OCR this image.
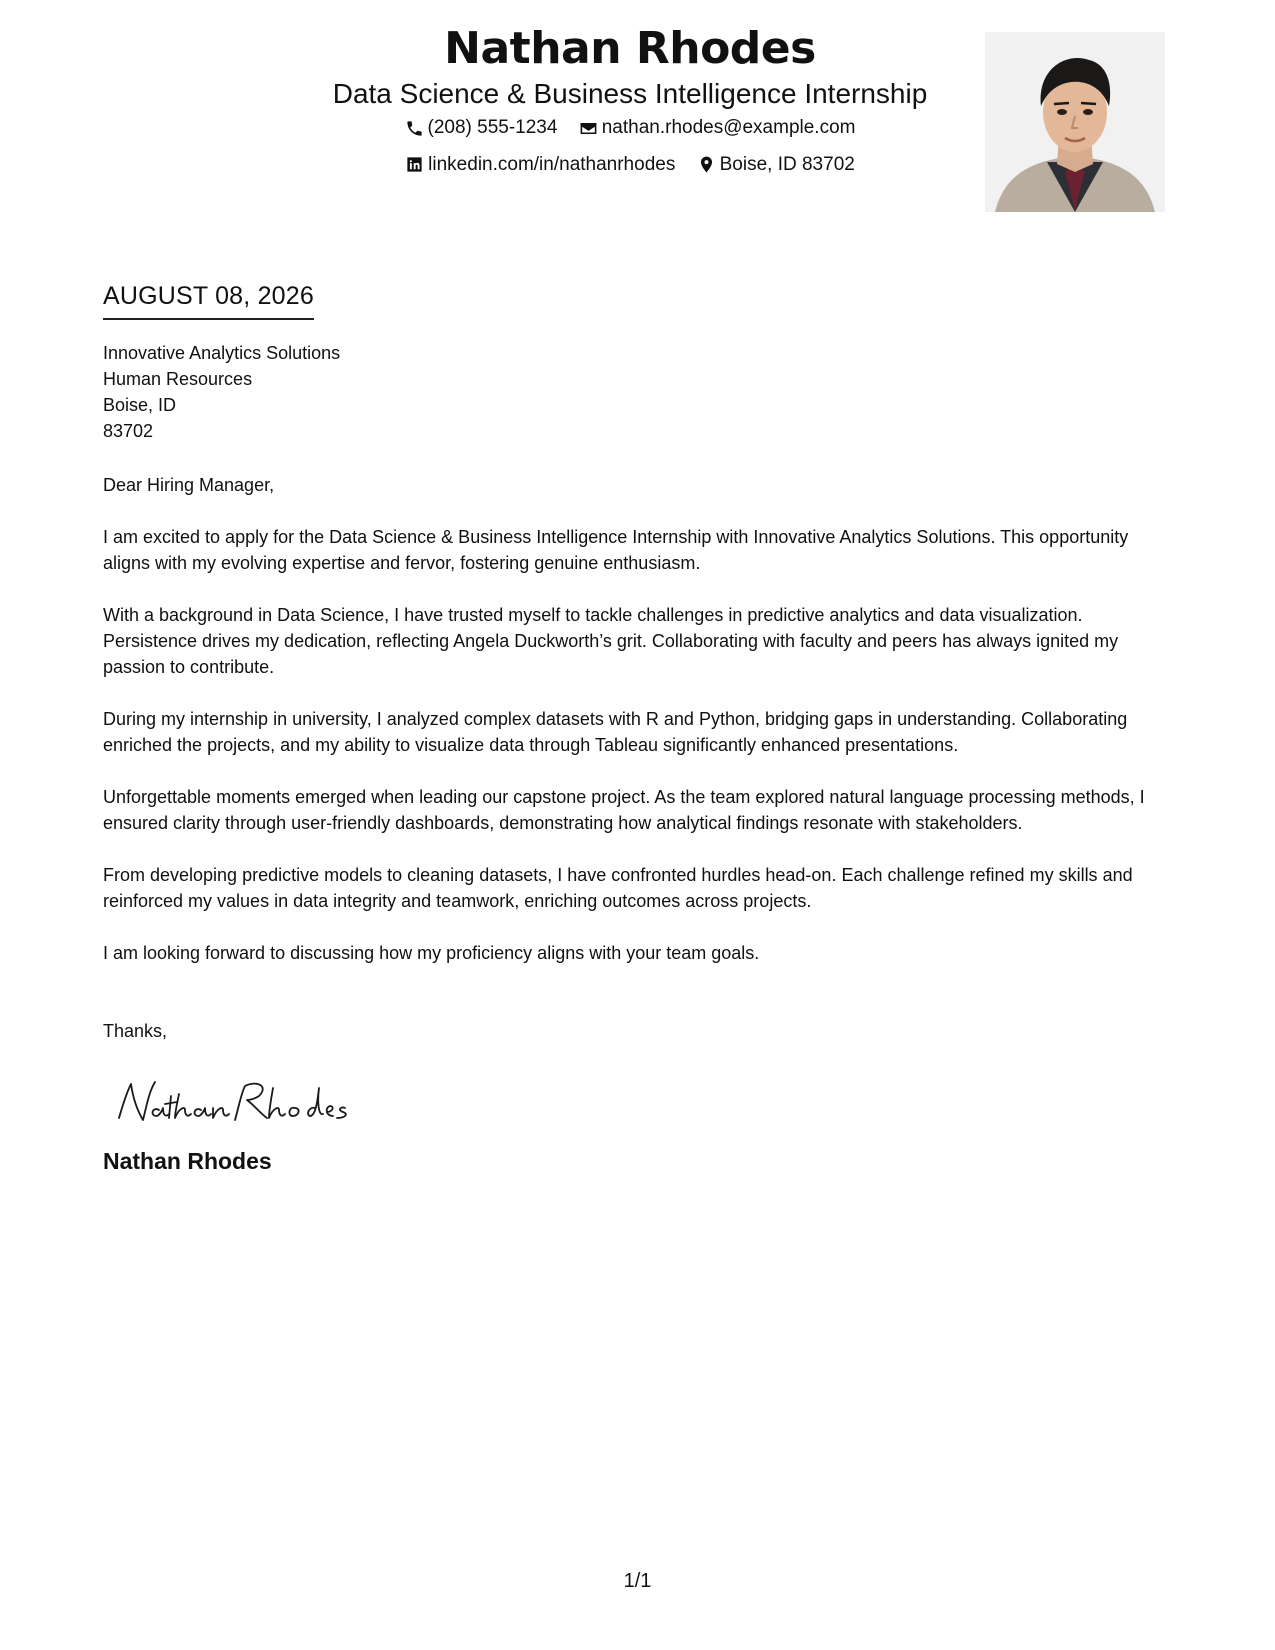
Nathan Rhodes
Data Science & Business Intelligence Internship
(208) 555-1234
nathan.rhodes@example.com
linkedin.com/in/nathanrhodes
Boise, ID 83702
AUGUST 08, 2026
Innovative Analytics Solutions
Human Resources
Boise, ID
83702
Dear Hiring Manager,
I am excited to apply for the Data Science & Business Intelligence Internship with Innovative Analytics Solutions. This opportunity aligns with my evolving expertise and fervor, fostering genuine enthusiasm.
With a background in Data Science, I have trusted myself to tackle challenges in predictive analytics and data visualization. Persistence drives my dedication, reflecting Angela Duckworth’s grit. Collaborating with faculty and peers has always ignited my passion to contribute.
During my internship in university, I analyzed complex datasets with R and Python, bridging gaps in understanding. Collaborating enriched the projects, and my ability to visualize data through Tableau significantly enhanced presentations.
Unforgettable moments emerged when leading our capstone project. As the team explored natural language processing methods, I ensured clarity through user-friendly dashboards, demonstrating how analytical findings resonate with stakeholders.
From developing predictive models to cleaning datasets, I have confronted hurdles head-on. Each challenge refined my skills and reinforced my values in data integrity and teamwork, enriching outcomes across projects.
I am looking forward to discussing how my proficiency aligns with your team goals.
Thanks,
Nathan Rhodes
1/1
